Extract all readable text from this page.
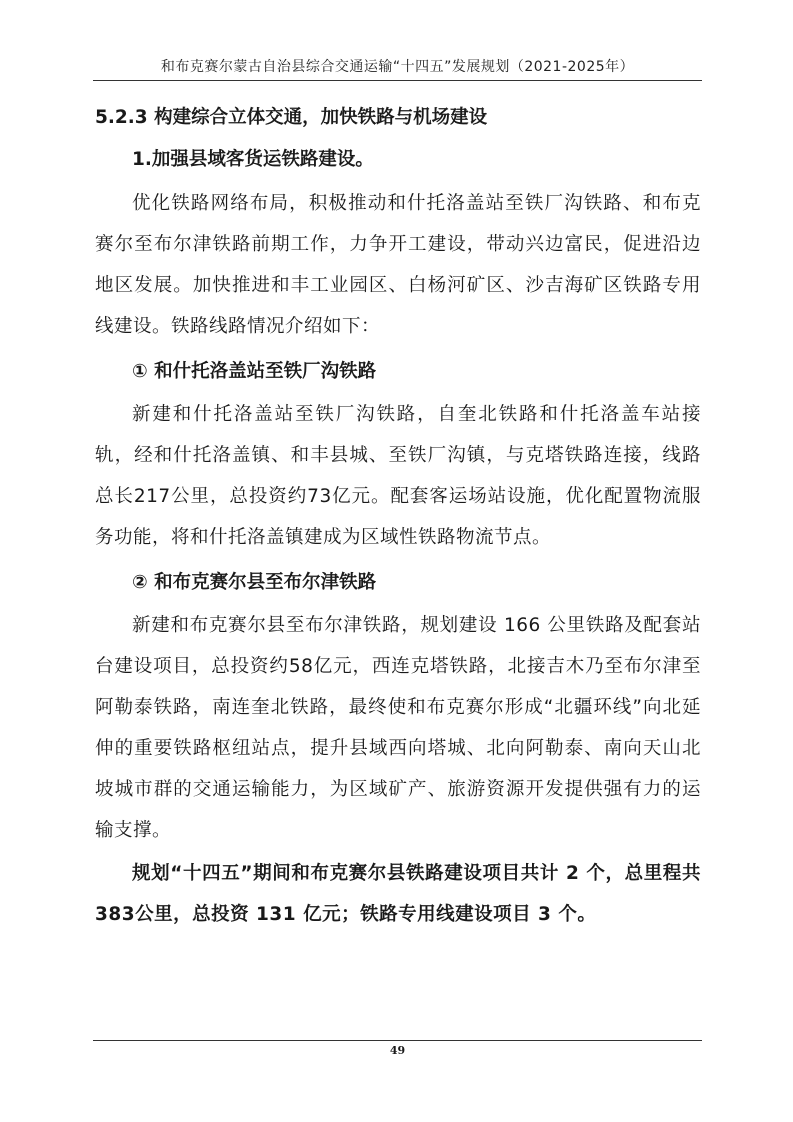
和布克赛尔蒙古自治县综合交通运输“十四五”发展规划（2021-2025年）
5.2.3 构建综合立体交通，加快铁路与机场建设
1.加强县域客货运铁路建设。

优化铁路网络布局，积极推动和什托洛盖站至铁厂沟铁路、和布克赛尔至布尔津铁路前期工作，力争开工建设，带动兴边富民，促进沿边地区发展。加快推进和丰工业园区、白杨河矿区、沙吉海矿区铁路专用线建设。铁路线路情况介绍如下：

① 和什托洛盖站至铁厂沟铁路

新建和什托洛盖站至铁厂沟铁路，自奎北铁路和什托洛盖车站接轨，经和什托洛盖镇、和丰县城、至铁厂沟镇，与克塔铁路连接，线路总长217公里，总投资约73亿元。配套客运场站设施，优化配置物流服务功能，将和什托洛盖镇建成为区域性铁路物流节点。

② 和布克赛尔县至布尔津铁路

新建和布克赛尔县至布尔津铁路，规划建设 166 公里铁路及配套站台建设项目，总投资约58亿元，西连克塔铁路，北接吉木乃至布尔津至阿勒泰铁路，南连奎北铁路，最终使和布克赛尔形成“北疆环线”向北延伸的重要铁路枢纽站点，提升县域西向塔城、北向阿勒泰、南向天山北坡城市群的交通运输能力，为区域矿产、旅游资源开发提供强有力的运输支撑。

规划“十四五”期间和布克赛尔县铁路建设项目共计 2 个，总里程共383公里，总投资 131 亿元；铁路专用线建设项目 3 个。

49
